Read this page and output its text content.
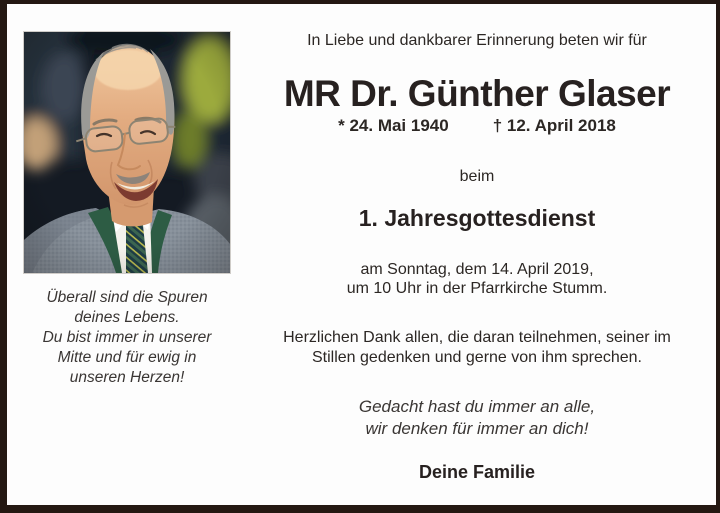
Überall sind die Spuren
deines Lebens.
Du bist immer in unserer
Mitte und für ewig in
unseren Herzen!
In Liebe und dankbarer Erinnerung beten wir für
MR Dr. Günther Glaser
* 24. Mai 1940	† 12. April 2018
beim
1. Jahresgottesdienst
am Sonntag, dem 14. April 2019,
um 10 Uhr in der Pfarrkirche Stumm.
Herzlichen Dank allen, die daran teilnehmen, seiner im
Stillen gedenken und gerne von ihm sprechen.
Gedacht hast du immer an alle,
wir denken für immer an dich!
Deine Familie
